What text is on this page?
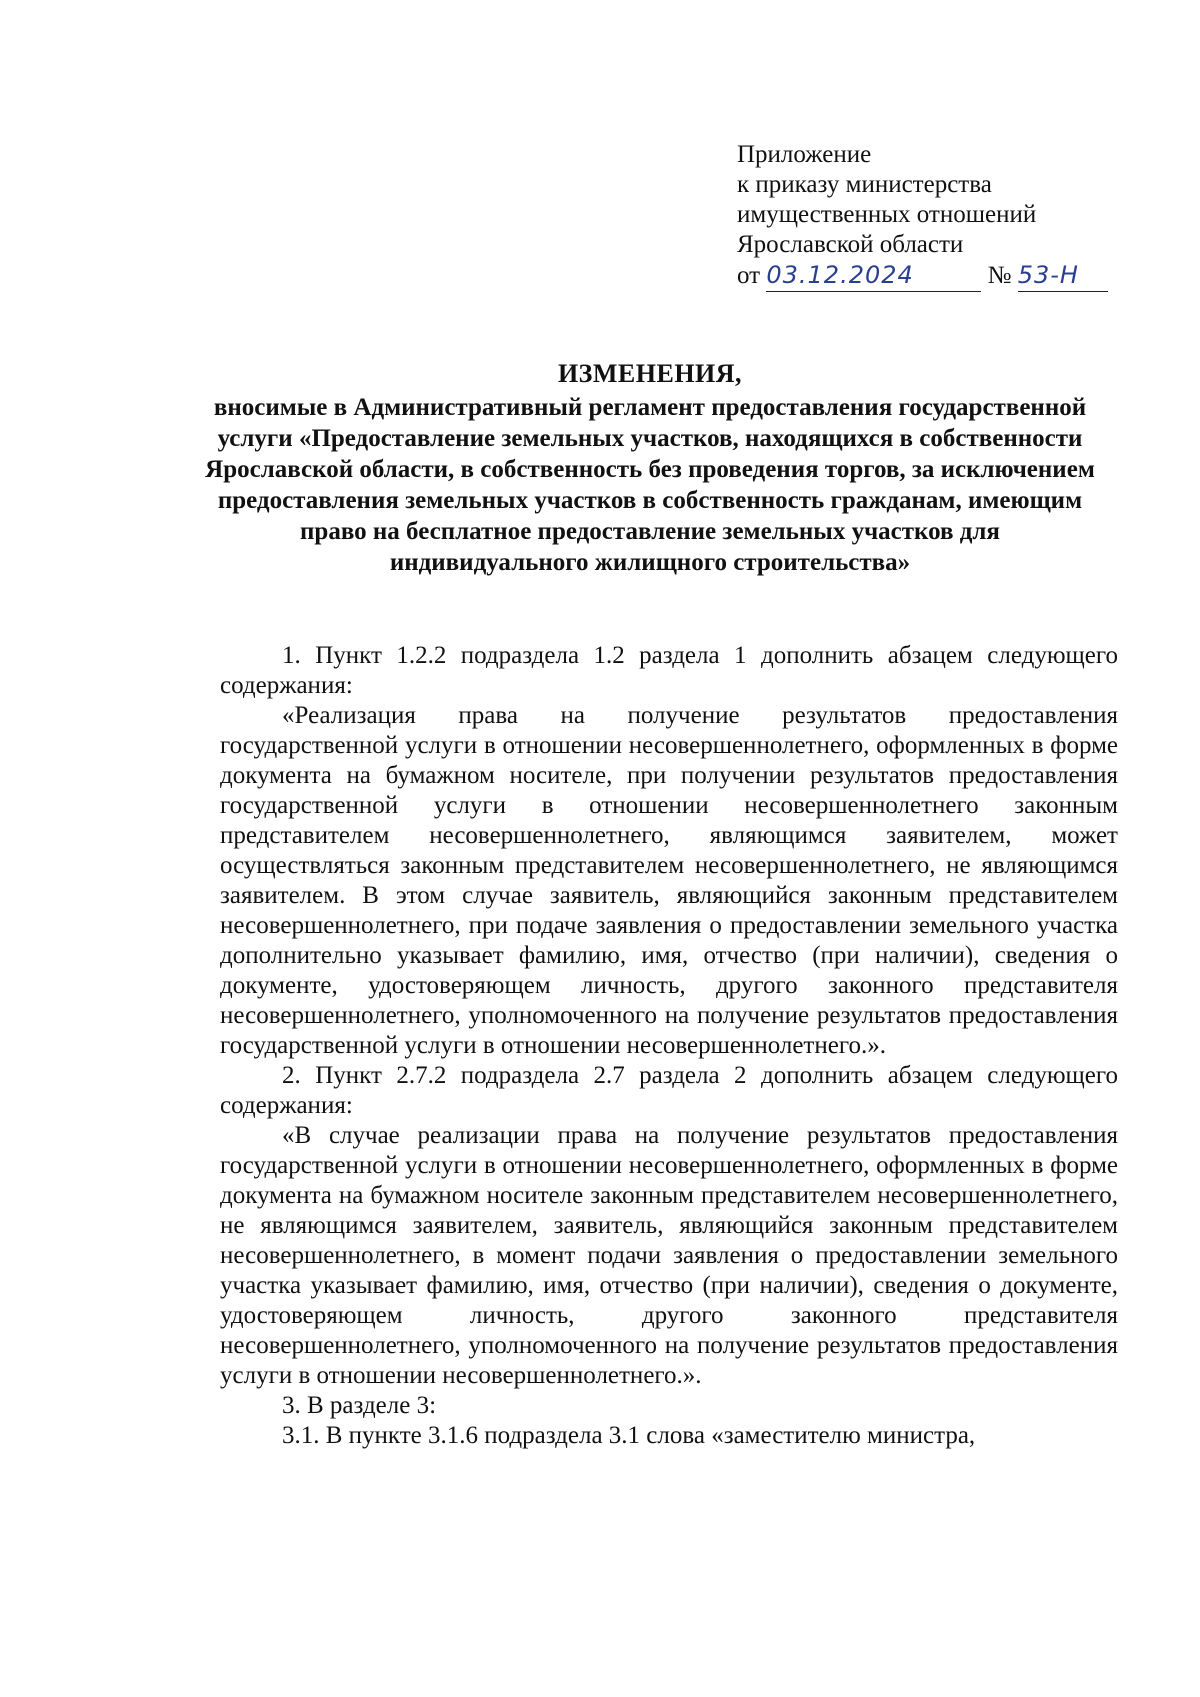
Приложение
к приказу министерства
имущественных отношений
Ярославской области
от 03.12.2024	№ 53-Н
ИЗМЕНЕНИЯ,
вносимые в Административный регламент предоставления государственной услуги «Предоставление земельных участков, находящихся в собственности Ярославской области, в собственность без проведения торгов, за исключением предоставления земельных участков в собственность гражданам, имеющим право на бесплатное предоставление земельных участков для индивидуального жилищного строительства»

1. Пункт 1.2.2 подраздела 1.2 раздела 1 дополнить абзацем следующего содержания:

«Реализация права на получение результатов предоставления государственной услуги в отношении несовершеннолетнего, оформленных в форме документа на бумажном носителе, при получении результатов предоставления государственной услуги в отношении несовершеннолетнего законным представителем несовершеннолетнего, являющимся заявителем, может осуществляться законным представителем несовершеннолетнего, не являющимся заявителем. В этом случае заявитель, являющийся законным представителем несовершеннолетнего, при подаче заявления о предоставлении земельного участка дополнительно указывает фамилию, имя, отчество (при наличии), сведения о документе, удостоверяющем личность, другого законного представителя несовершеннолетнего, уполномоченного на получение результатов предоставления государственной услуги в отношении несовершеннолетнего.».

2. Пункт 2.7.2 подраздела 2.7 раздела 2 дополнить абзацем следующего содержания:

«В случае реализации права на получение результатов предоставления государственной услуги в отношении несовершеннолетнего, оформленных в форме документа на бумажном носителе законным представителем несовершеннолетнего, не являющимся заявителем, заявитель, являющийся законным представителем несовершеннолетнего, в момент подачи заявления о предоставлении земельного участка указывает фамилию, имя, отчество (при наличии), сведения о документе, удостоверяющем личность, другого законного представителя несовершеннолетнего, уполномоченного на получение результатов предоставления услуги в отношении несовершеннолетнего.».

3. В разделе 3:

3.1. В пункте 3.1.6 подраздела 3.1 слова «заместителю министра,
